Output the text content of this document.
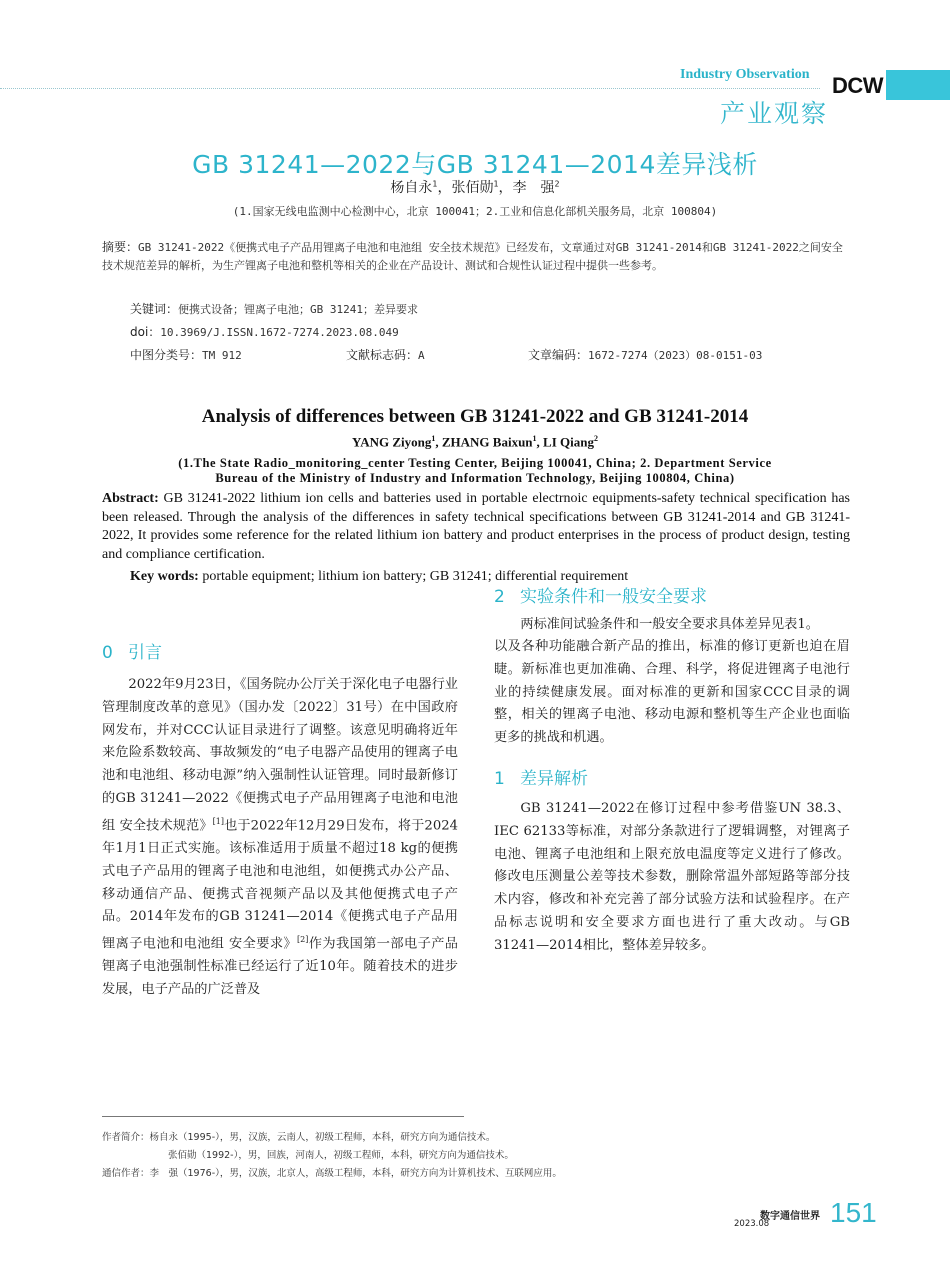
Industry Observation DCW
产业观察
GB 31241—2022与GB 31241—2014差异浅析
杨自永$^1$，张佰勋$^1$，李　强$^2$
(1.国家无线电监测中心检测中心，北京 100041；2.工业和信息化部机关服务局，北京 100804)
摘要：GB 31241-2022《便携式电子产品用锂离子电池和电池组 安全技术规范》已经发布，文章通过对GB 31241-2014和GB 31241-2022之间安全技术规范差异的解析，为生产锂离子电池和整机等相关的企业在产品设计、测试和合规性认证过程中提供一些参考。
关键词：便携式设备；锂离子电池；GB 31241；差异要求
doi：10.3969/J.ISSN.1672-7274.2023.08.049
中图分类号：TM 912	文献标志码：A	文章编码：1672-7274（2023）08-0151-03
Analysis of differences between GB 31241-2022 and GB 31241-2014
YANG Ziyong$^1$, ZHANG Baixun$^1$, LI Qiang$^2$
(1.The State Radio_monitoring_center Testing Center, Beijing 100041, China; 2. Department Service
Bureau of the Ministry of Industry and Information Technology, Beijing 100804, China)
Abstract: GB 31241-2022 lithium ion cells and batteries used in portable electrnoic equipments-safety technical specification has been released. Through the analysis of the differences in safety technical specifications between GB 31241-2014 and GB 31241-2022, It provides some reference for the related lithium ion battery and product enterprises in the process of product design, testing and compliance certification.
Key words: portable equipment; lithium ion battery; GB 31241; differential requirement
0 引言

2022年9月23日，《国务院办公厅关于深化电子电器行业管理制度改革的意见》（国办发〔2022〕31号）在中国政府网发布，并对CCC认证目录进行了调整。该意见明确将近年来危险系数较高、事故频发的“电子电器产品使用的锂离子电池和电池组、移动电源”纳入强制性认证管理。同时最新修订的GB 31241—2022《便携式电子产品用锂离子电池和电池组 安全技术规范》[1]也于2022年12月29日发布，将于2024年1月1日正式实施。该标准适用于质量不超过18 kg的便携式电子产品用的锂离子电池和电池组，如便携式办公产品、移动通信产品、便携式音视频产品以及其他便携式电子产品。2014年发布的GB 31241—2014《便携式电子产品用锂离子电池和电池组 安全要求》[2]作为我国第一部电子产品锂离子电池强制性标准已经运行了近10年。随着技术的进步发展，电子产品的广泛普及

以及各种功能融合新产品的推出，标准的修订更新也迫在眉睫。新标准也更加准确、合理、科学，将促进锂离子电池行业的持续健康发展。面对标准的更新和国家CCC目录的调整，相关的锂离子电池、移动电源和整机等生产企业也面临更多的挑战和机遇。

1 差异解析

GB 31241—2022在修订过程中参考借鉴UN 38.3、IEC 62133等标准，对部分条款进行了逻辑调整，对锂离子电池、锂离子电池组和上限充放电温度等定义进行了修改。修改电压测量公差等技术参数，删除常温外部短路等部分技术内容，修改和补充完善了部分试验方法和试验程序。在产品标志说明和安全要求方面也进行了重大改动。与GB 31241—2014相比，整体差异较多。

2 实验条件和一般安全要求

两标准间试验条件和一般安全要求具体差异见表1。

作者简介：杨自永（1995-），男，汉族，云南人，初级工程师，本科，研究方向为通信技术。
张佰勋（1992-），男，回族，河南人，初级工程师，本科，研究方向为通信技术。
通信作者：李　强（1976-），男，汉族，北京人，高级工程师，本科，研究方向为计算机技术、互联网应用。
数字通信世界
2023.08 151
